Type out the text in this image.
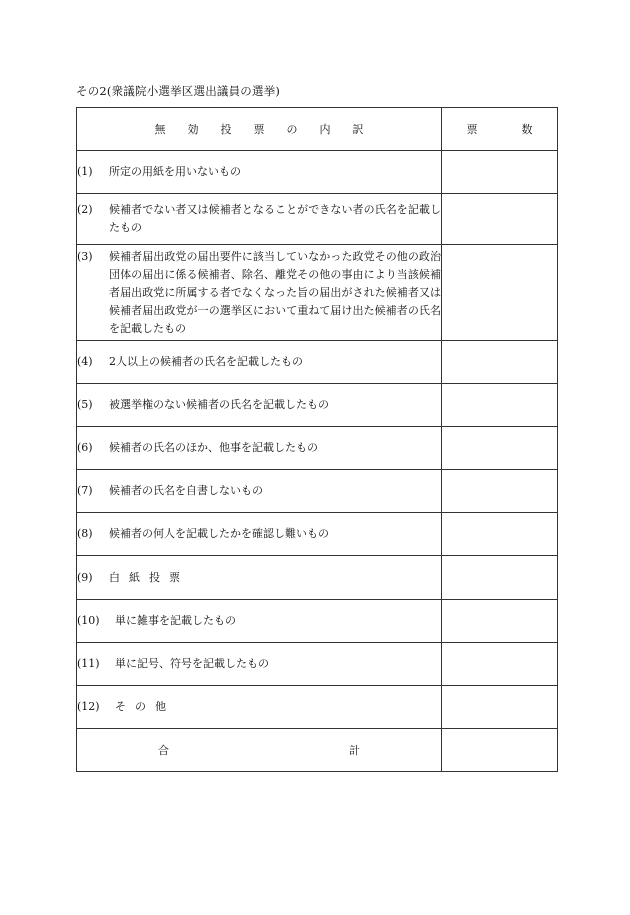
その2(衆議院小選挙区選出議員の選挙)
無 効 投 票 の 内 訳	票 数

(1) 所定の用紙を用いないもの	

(2) 候補者でない者又は候補者となることができない者の氏名を記載したもの	

(3) 候補者届出政党の届出要件に該当していなかった政党その他の政治団体の届出に係る候補者、除名、離党その他の事由により当該候補者届出政党に所属する者でなくなった旨の届出がされた候補者又は候補者届出政党が一の選挙区において重ねて届け出た候補者の氏名を記載したもの	

(4) 2人以上の候補者の氏名を記載したもの	

(5) 被選挙権のない候補者の氏名を記載したもの	

(6) 候補者の氏名のほか、他事を記載したもの	

(7) 候補者の氏名を自書しないもの	

(8) 候補者の何人を記載したかを確認し難いもの	

(9) 白紙投票	

(10) 単に雑事を記載したもの	

(11) 単に記号、符号を記載したもの	

(12) その他	

合 計	
